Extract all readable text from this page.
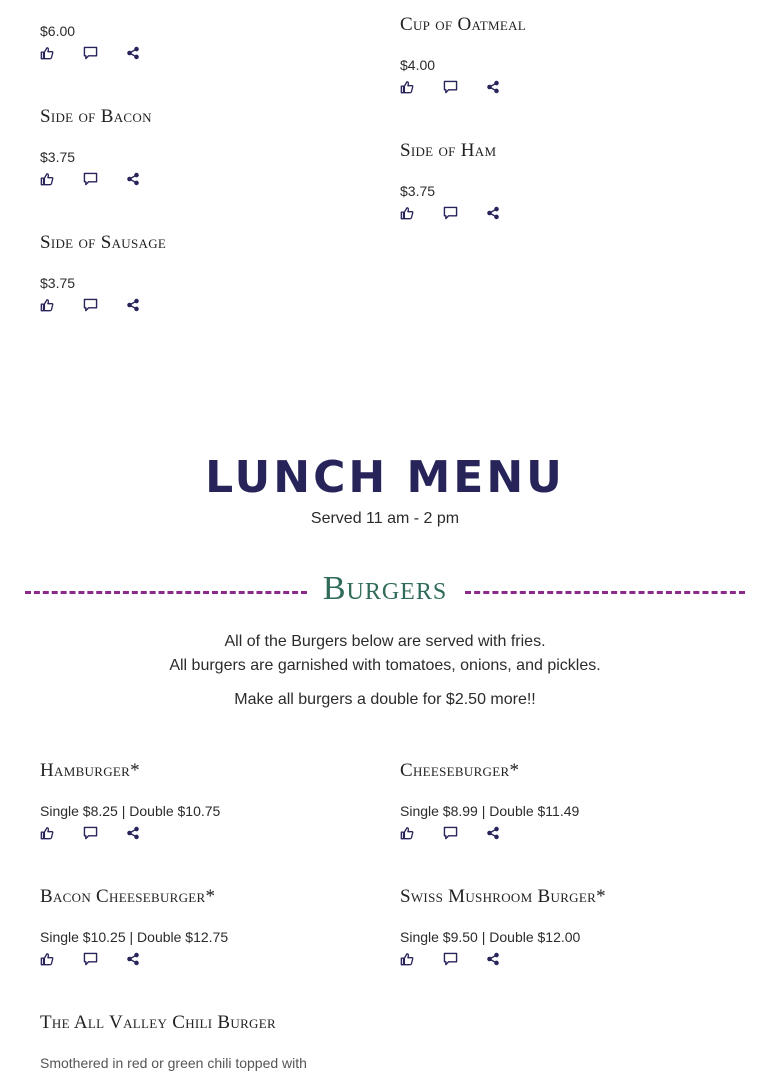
$6.00	Cup of Oatmeal
$4.00
Side of Bacon
$3.75	Side of Ham
$3.75
Side of Sausage
$3.75
LUNCH MENU
Served 11 am - 2 pm
Burgers
All of the Burgers below are served with fries.
All burgers are garnished with tomatoes, onions, and pickles.
Make all burgers a double for $2.50 more!!
Hamburger*
Single $8.25 | Double $10.75
Cheeseburger*
Single $8.99 | Double $11.49
Bacon Cheeseburger*
Single $10.25 | Double $12.75
Swiss Mushroom Burger*
Single $9.50 | Double $12.00
The All Valley Chili Burger
Smothered in red or green chili topped with
